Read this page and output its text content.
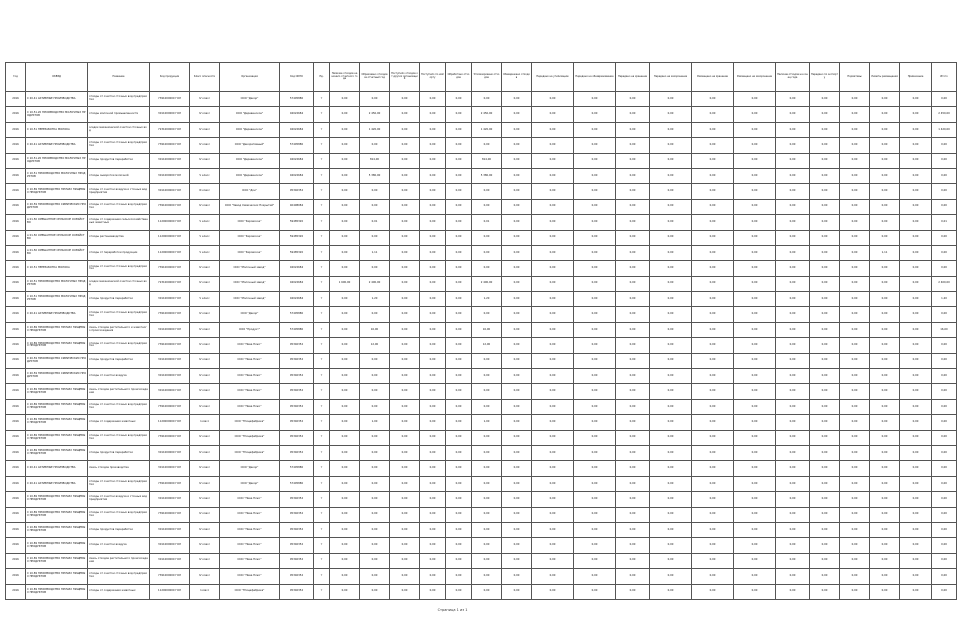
Год	ОКВЭД	Название	Код продукции	Класс опасности	Организация	Код ОКПО	Ед.	Наличие отходов на начало отчетного года	Образовано отходов за отчетный год	Поступило отходов от других организаций	Поступило по импорту	Обработано отходов	Утилизировано отходов	Обезврежено отходов	Передано на утилизацию	Передано на обезвреживание	Передано на хранение	Передано на захоронение	Размещено на хранение	Размещено на захоронение	Наличие отходов на конец года	Передано по экспорту	Нормативы	Лимиты размещения	Примечание	Итого
2016	С 20.41 АКТИВНЫЕ ПРОИЗВОДСТВА	отходы от очистки сточных вод предприятия	7391000000 ГОЛ	IV класс	ООО "Декор"	57405880	т	0,00	0,00	0,00	0,00	0,00	0,00	0,00	0,00	0,00	0,00	0,00	0,00	0,00	0,00	0,00	0,00	0,00	0,00	0,00
2016	С 10.51.20 ПРОИЗВОДСТВО МОЛОЧНЫХ ПРОДУКТОВ	отходы молочной промышленности	3011000000 ГОЛ	IV класс	ООО "Деревенское"	04022684	т	0,00	2 450,00	0,00	0,00	0,00	2 450,00	0,00	0,00	0,00	0,00	0,00	0,00	0,00	0,00	0,00	0,00	0,00	0,00	2 450,00
2016	С 10.51 ПЕРЕРАБОТКА МОЛОКА	осадок механической очистки сточных вод	7231000000 ГОЛ	IV класс	ООО "Деревенское"	04022684	т	0,00	1 420,00	0,00	0,00	0,00	1 420,00	0,00	0,00	0,00	0,00	0,00	0,00	0,00	0,00	0,00	0,00	0,00	0,00	1 420,00
2016	С 20.41 АКТИВНЫЕ ПРОИЗВОДСТВА	отходы от очистки сточных вод предприятия	7391000000 ГОЛ	IV класс	ООО "Декоративный"	57405880	т	0,00	0,00	0,00	0,00	0,00	0,00	0,00	0,00	0,00	0,00	0,00	0,00	0,00	0,00	0,00	0,00	0,00	0,00	0,00
2016	С 10.51.20 ПРОИЗВОДСТВО МОЛОЧНЫХ ПРОДУКТОВ	отходы продуктов переработки	3011000000 ГОЛ	IV класс	ООО "Деревенское"	04022684	т	0,00	814,00	0,00	0,00	0,00	814,00	0,00	0,00	0,00	0,00	0,00	0,00	0,00	0,00	0,00	0,00	0,00	0,00	0,00
2016	С 10.51 ПРОИЗВОДСТВО МОЛОЧНЫХ ПРОДУКТОВ	отходы сыворотки молочной	3011000000 ГОЛ	V класс	ООО "Деревенское"	04022684	т	0,00	5 380,00	0,00	0,00	0,00	5 380,00	0,00	0,00	0,00	0,00	0,00	0,00	0,00	0,00	0,00	0,00	0,00	0,00	0,00
2016	С 10.89 ПРОИЗВОДСТВО ПРОЧИХ ПИЩЕВЫХ ПРОДУКТОВ	отходы от очистки воздуха и сточных вод предприятия	3011000000 ГОЛ	III класс	ООО "Дон"	05340352	т	0,00	0,00	0,00	0,00	0,00	0,00	0,00	0,00	0,00	0,00	0,00	0,00	0,00	0,00	0,00	0,00	0,00	0,00	0,00
2016	С 20.59 ПРОИЗВОДСТВО ХИМИЧЕСКИХ ПРОДУКТОВ	отходы от очистки сточных вод предприятия	7391000000 ГОЛ	IV класс	ООО "Завод Химических Покрытий"	40498084	т	0,00	0,00	0,00	0,00	0,00	0,00	0,00	0,00	0,00	0,00	0,00	0,00	0,00	0,00	0,00	0,00	0,00	0,00	0,00
2016	А 01.50 СМЕШАННОЕ СЕЛЬСКОЕ ХОЗЯЙСТВО	отходы от содержания сельскохозяйственных животных	1120000000 ГОЛ	V класс	ООО "Кировское"	59485320	т	0,00	0,01	0,00	0,00	0,00	0,01	0,00	0,00	0,00	0,00	0,00	0,00	0,00	0,00	0,00	0,00	0,00	0,00	0,01
2016	А 01.50 СМЕШАННОЕ СЕЛЬСКОЕ ХОЗЯЙСТВО	отходы растениеводства	1120000000 ГОЛ	V класс	ООО "Кировское"	59485320	т	0,00	0,00	0,00	0,00	0,00	0,00	0,00	0,00	0,00	0,00	0,00	0,00	0,00	0,00	0,00	0,00	0,00	0,00	0,00
2016	А 01.50 СМЕШАННОЕ СЕЛЬСКОЕ ХОЗЯЙСТВО	отходы от переработки продукции	1120000000 ГОЛ	V класс	ООО "Кировское"	59485320	т	0,00	1,11	0,00	0,00	0,00	0,00	0,00	0,00	0,00	0,00	0,00	0,00	0,00	0,00	0,00	0,00	1,11	0,00	0,00
2016	С 10.51 ПЕРЕРАБОТКА МОЛОКА	отходы от очистки сточных вод предприятия	7391000000 ГОЛ	IV класс	ООО "Молочный завод"	04022684	т	0,00	0,00	0,00	0,00	0,00	0,00	0,00	0,00	0,00	0,00	0,00	0,00	0,00	0,00	0,00	0,00	0,00	0,00	0,00
2016	С 10.51 ПРОИЗВОДСТВО МОЛОЧНЫХ ПРОДУКТОВ	осадок механической очистки сточных вод	7231000000 ГОЛ	IV класс	ООО "Молочный завод"	04022684	т	1 600,00	2 400,00	0,00	0,00	0,00	2 400,00	0,00	0,00	0,00	0,00	0,00	0,00	0,00	0,00	0,00	0,00	0,00	0,00	2 400,00
2016	С 10.51 ПРОИЗВОДСТВО МОЛОЧНЫХ ПРОДУКТОВ	отходы продуктов переработки	3011000000 ГОЛ	V класс	ООО "Молочный завод"	04022684	т	0,00	1,20	0,00	0,00	0,00	1,20	0,00	0,00	0,00	0,00	0,00	0,00	0,00	0,00	0,00	0,00	0,00	0,00	1,20
2016	С 20.41 АКТИВНЫЕ ПРОИЗВОДСТВА	отходы от очистки сточных вод предприятия	7391000000 ГОЛ	IV класс	ООО "Декор"	57405880	т	0,00	0,00	0,00	0,00	0,00	0,00	0,00	0,00	0,00	0,00	0,00	0,00	0,00	0,00	0,00	0,00	0,00	0,00	0,00
2016	С 10.89 ПРОИЗВОДСТВО ПРОЧИХ ПИЩЕВЫХ ПРОДУКТОВ	смесь отходов растительного и животного происхождения	3011000000 ГОЛ	IV класс	ООО "Продукт"	57405880	т	0,00	16,00	0,00	0,00	0,00	16,00	0,00	0,00	0,00	0,00	0,00	0,00	0,00	0,00	0,00	0,00	0,00	0,00	16,00
2016	С 10.89 ПРОИЗВОДСТВО ПРОЧИХ ПИЩЕВЫХ ПРОДУКТОВ	отходы от очистки сточных вод предприятия	7391000000 ГОЛ	IV класс	ООО "Нива Плюс"	05340352	т	0,00	12,00	0,00	0,00	0,00	12,00	0,00	0,00	0,00	0,00	0,00	0,00	0,00	0,00	0,00	0,00	0,00	0,00	0,00
2016	С 20.59 ПРОИЗВОДСТВО ХИМИЧЕСКИХ ПРОДУКТОВ	отходы продуктов переработки	3011000000 ГОЛ	IV класс	ООО "Нива Плюс"	05340352	т	0,00	0,00	0,00	0,00	0,00	0,00	0,00	0,00	0,00	0,00	0,00	0,00	0,00	0,00	0,00	0,00	0,00	0,00	0,00
2016	С 20.59 ПРОИЗВОДСТВО ХИМИЧЕСКИХ ПРОДУКТОВ	отходы от очистки воздуха	3011000000 ГОЛ	IV класс	ООО "Нива Плюс"	05340352	т	0,00	0,00	0,00	0,00	0,00	0,00	0,00	0,00	0,00	0,00	0,00	0,00	0,00	0,00	0,00	0,00	0,00	0,00	0,00
2016	С 10.89 ПРОИЗВОДСТВО ПРОЧИХ ПИЩЕВЫХ ПРОДУКТОВ	смесь отходов растительного происхождения	3011000000 ГОЛ	IV класс	ООО "Нива Плюс"	05340352	т	0,00	0,00	0,00	0,00	0,00	0,00	0,00	0,00	0,00	0,00	0,00	0,00	0,00	0,00	0,00	0,00	0,00	0,00	0,00
2016	С 10.89 ПРОИЗВОДСТВО ПРОЧИХ ПИЩЕВЫХ ПРОДУКТОВ	отходы от очистки сточных вод предприятия	7391000000 ГОЛ	IV класс	ООО "Нива Плюс"	05340352	т	0,00	0,00	0,00	0,00	0,00	0,00	0,00	0,00	0,00	0,00	0,00	0,00	0,00	0,00	0,00	0,00	0,00	0,00	0,00
2016	С 10.89 ПРОИЗВОДСТВО ПРОЧИХ ПИЩЕВЫХ ПРОДУКТОВ	отходы от содержания животных	1120000000 ГОЛ	I класс	ООО "Птицефабрика"	05340352	т	0,00	1,00	0,00	0,00	0,00	1,00	0,00	0,00	0,00	0,00	0,00	0,00	0,00	0,00	0,00	0,00	0,00	0,00	0,00
2016	С 10.89 ПРОИЗВОДСТВО ПРОЧИХ ПИЩЕВЫХ ПРОДУКТОВ	отходы от очистки сточных вод предприятия	7391000000 ГОЛ	IV класс	ООО "Птицефабрика"	05340352	т	0,00	0,00	0,00	0,00	0,00	0,00	0,00	0,00	0,00	0,00	0,00	0,00	0,00	0,00	0,00	0,00	0,00	0,00	0,00
2016	С 10.89 ПРОИЗВОДСТВО ПРОЧИХ ПИЩЕВЫХ ПРОДУКТОВ	отходы продуктов переработки	3011000000 ГОЛ	IV класс	ООО "Птицефабрика"	05340352	т	0,00	0,00	0,00	0,00	0,00	0,00	0,00	0,00	0,00	0,00	0,00	0,00	0,00	0,00	0,00	0,00	0,00	0,00	0,00
2016	С 20.41 АКТИВНЫЕ ПРОИЗВОДСТВА	смесь отходов производства	3011000000 ГОЛ	IV класс	ООО "Декор"	57405880	т	0,00	0,00	0,00	0,00	0,00	0,00	0,00	0,00	0,00	0,00	0,00	0,00	0,00	0,00	0,00	0,00	0,00	0,00	0,00
2016	С 20.41 АКТИВНЫЕ ПРОИЗВОДСТВА	отходы от очистки сточных вод предприятия	7391000000 ГОЛ	IV класс	ООО "Декор"	57405880	т	0,00	0,00	0,00	0,00	0,00	0,00	0,00	0,00	0,00	0,00	0,00	0,00	0,00	0,00	0,00	0,00	0,00	0,00	0,00
2016	С 10.89 ПРОИЗВОДСТВО ПРОЧИХ ПИЩЕВЫХ ПРОДУКТОВ	отходы от очистки воздуха и сточных вод предприятия	3011000000 ГОЛ	IV класс	ООО "Нива Плюс"	05340352	т	0,00	0,00	0,00	0,00	0,00	0,00	0,00	0,00	0,00	0,00	0,00	0,00	0,00	0,00	0,00	0,00	0,00	0,00	0,00
2016	С 10.89 ПРОИЗВОДСТВО ПРОЧИХ ПИЩЕВЫХ ПРОДУКТОВ	отходы от очистки сточных вод предприятия	7391000000 ГОЛ	IV класс	ООО "Нива Плюс"	05340352	т	0,00	0,00	0,00	0,00	0,00	0,00	0,00	0,00	0,00	0,00	0,00	0,00	0,00	0,00	0,00	0,00	0,00	0,00	0,00
2016	С 10.89 ПРОИЗВОДСТВО ПРОЧИХ ПИЩЕВЫХ ПРОДУКТОВ	отходы продуктов переработки	3011000000 ГОЛ	IV класс	ООО "Нива Плюс"	05340352	т	0,00	0,00	0,00	0,00	0,00	0,00	0,00	0,00	0,00	0,00	0,00	0,00	0,00	0,00	0,00	0,00	0,00	0,00	0,00
2016	С 10.89 ПРОИЗВОДСТВО ПРОЧИХ ПИЩЕВЫХ ПРОДУКТОВ	отходы от очистки воздуха	3011000000 ГОЛ	IV класс	ООО "Нива Плюс"	05340352	т	0,00	0,00	0,00	0,00	0,00	0,00	0,00	0,00	0,00	0,00	0,00	0,00	0,00	0,00	0,00	0,00	0,00	0,00	0,00
2016	С 10.89 ПРОИЗВОДСТВО ПРОЧИХ ПИЩЕВЫХ ПРОДУКТОВ	смесь отходов растительного происхождения	3011000000 ГОЛ	IV класс	ООО "Нива Плюс"	05340352	т	0,00	0,00	0,00	0,00	0,00	0,00	0,00	0,00	0,00	0,00	0,00	0,00	0,00	0,00	0,00	0,00	0,00	0,00	0,00
2016	С 10.89 ПРОИЗВОДСТВО ПРОЧИХ ПИЩЕВЫХ ПРОДУКТОВ	отходы от очистки сточных вод предприятия	7391000000 ГОЛ	IV класс	ООО "Нива Плюс"	05340352	т	0,00	0,00	0,00	0,00	0,00	0,00	0,00	0,00	0,00	0,00	0,00	0,00	0,00	0,00	0,00	0,00	0,00	0,00	0,00
2016	С 10.89 ПРОИЗВОДСТВО ПРОЧИХ ПИЩЕВЫХ ПРОДУКТОВ	отходы от содержания животных	1120000000 ГОЛ	I класс	ООО "Птицефабрика"	05340352	т	0,00	0,00	0,00	0,00	0,00	0,00	0,00	0,00	0,00	0,00	0,00	0,00	0,00	0,00	0,00	0,00	0,00	0,00	0,00
Страница 1 из 1
